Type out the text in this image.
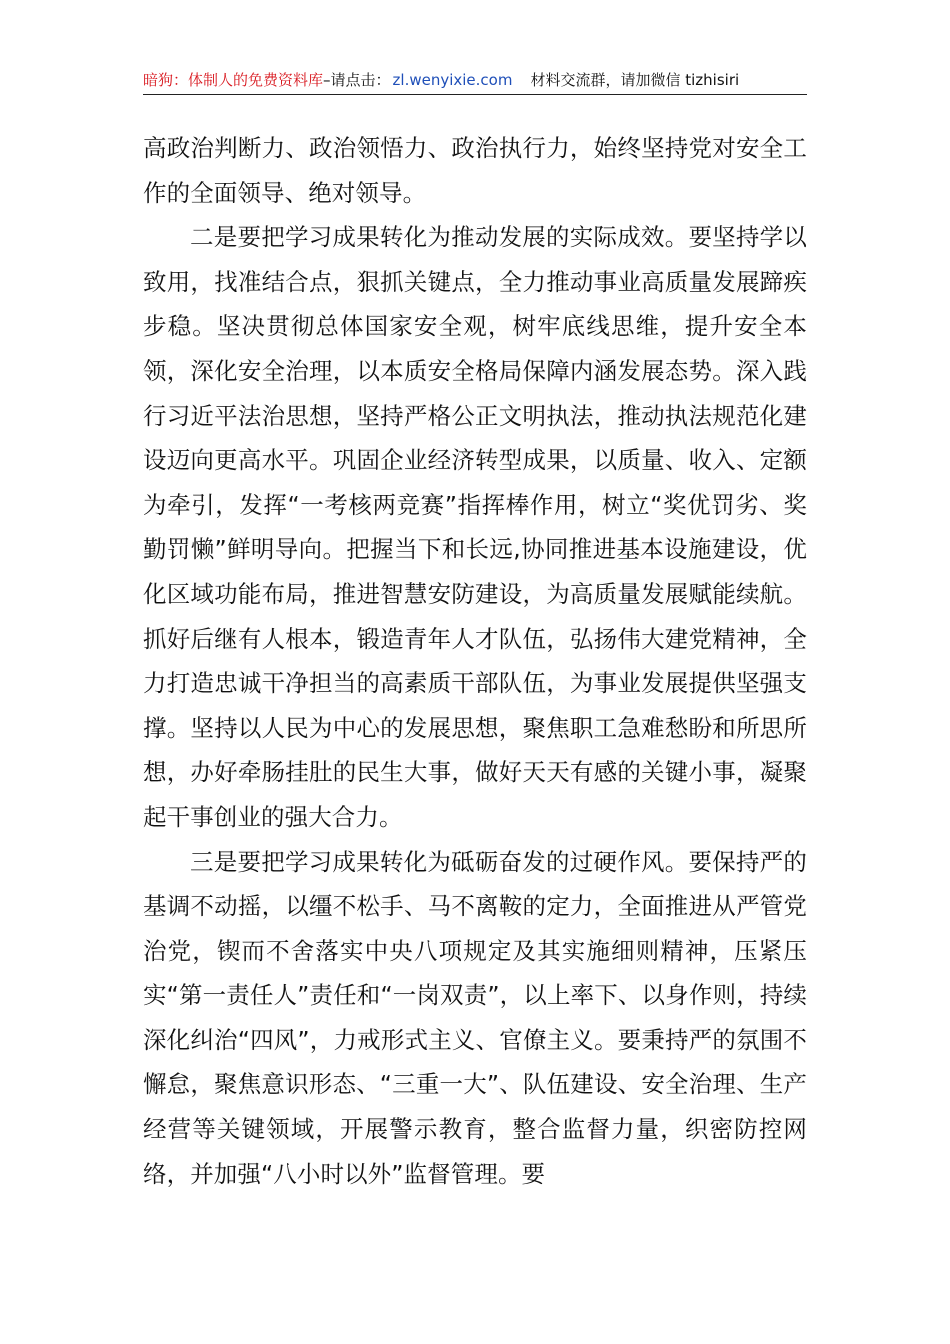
暗狗：体制人的免费资料库–请点击： zl.wenyixie.com 材料交流群，请加微信 tizhisiri

高政治判断力、政治领悟力、政治执行力，始终坚持党对安全工作的全面领导、绝对领导。

二是要把学习成果转化为推动发展的实际成效。要坚持学以致用，找准结合点，狠抓关键点，全力推动事业高质量发展蹄疾步稳。坚决贯彻总体国家安全观，树牢底线思维，提升安全本领，深化安全治理，以本质安全格局保障内涵发展态势。深入践行习近平法治思想，坚持严格公正文明执法，推动执法规范化建设迈向更高水平。巩固企业经济转型成果，以质量、收入、定额为牵引，发挥“一考核两竞赛”指挥棒作用，树立“奖优罚劣、奖勤罚懒”鲜明导向。把握当下和长远,协同推进基本设施建设，优化区域功能布局，推进智慧安防建设，为高质量发展赋能续航。抓好后继有人根本，锻造青年人才队伍，弘扬伟大建党精神，全力打造忠诚干净担当的高素质干部队伍，为事业发展提供坚强支撑。坚持以人民为中心的发展思想，聚焦职工急难愁盼和所思所想，办好牵肠挂肚的民生大事，做好天天有感的关键小事，凝聚起干事创业的强大合力。

三是要把学习成果转化为砥砺奋发的过硬作风。要保持严的基调不动摇，以缰不松手、马不离鞍的定力，全面推进从严管党治党，锲而不舍落实中央八项规定及其实施细则精神，压紧压实“第一责任人”责任和“一岗双责”，以上率下、以身作则，持续深化纠治“四风”，力戒形式主义、官僚主义。要秉持严的氛围不懈怠，聚焦意识形态、“三重一大”、队伍建设、安全治理、生产经营等关键领域，开展警示教育，整合监督力量，织密防控网络，并加强“八小时以外”监督管理。要
